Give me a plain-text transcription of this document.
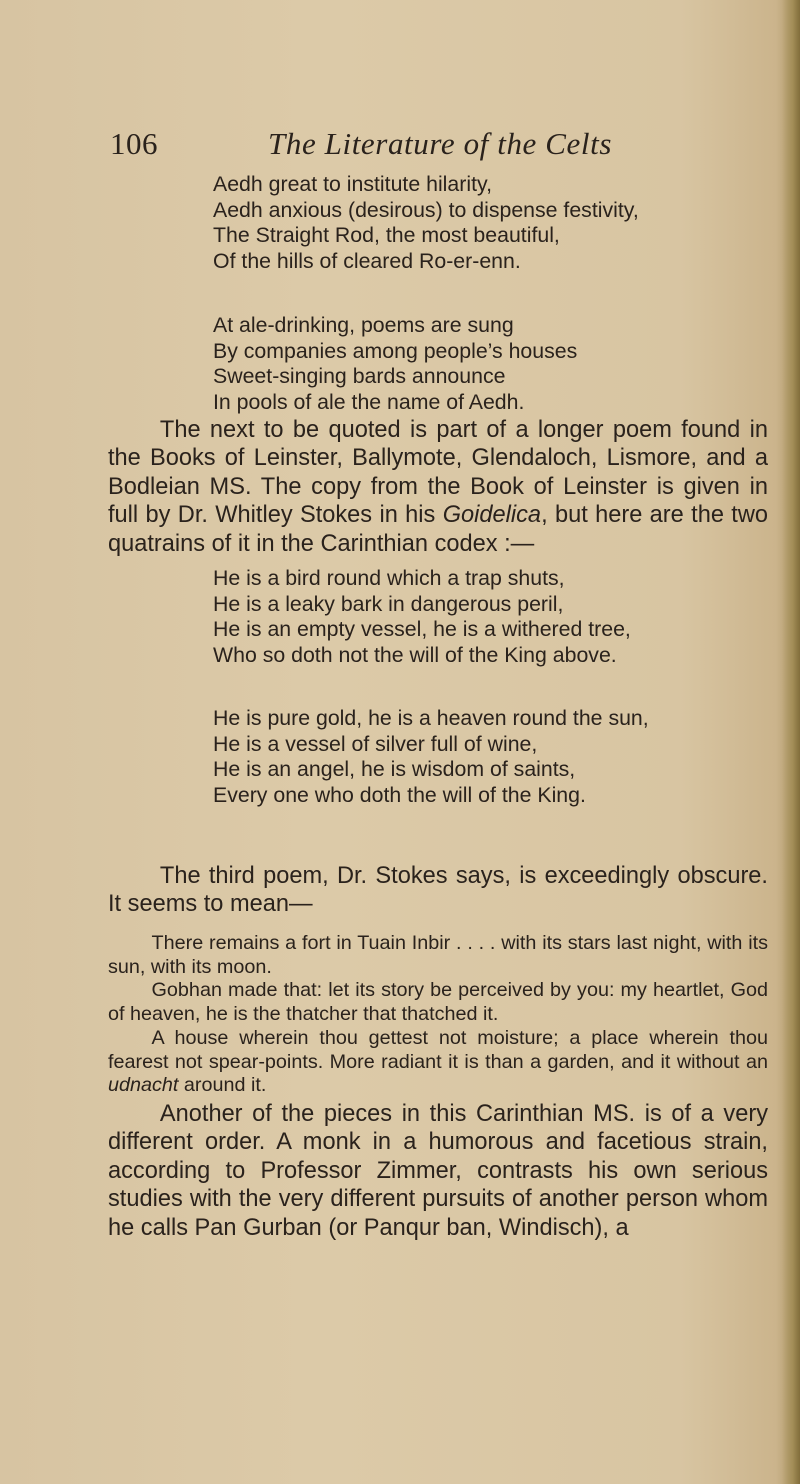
106	The Literature of the Celts
Aedh great to institute hilarity,
Aedh anxious (desirous) to dispense festivity,
The Straight Rod, the most beautiful,
Of the hills of cleared Ro-er-enn.
At ale-drinking, poems are sung
By companies among people’s houses
Sweet-singing bards announce
In pools of ale the name of Aedh.

The next to be quoted is part of a longer poem found in the Books of Leinster, Ballymote, Glendaloch, Lismore, and a Bodleian MS. The copy from the Book of Leinster is given in full by Dr. Whitley Stokes in his Goidelica, but here are the two quatrains of it in the Carinthian codex :—

He is a bird round which a trap shuts,
He is a leaky bark in dangerous peril,
He is an empty vessel, he is a withered tree,
Who so doth not the will of the King above.
He is pure gold, he is a heaven round the sun,
He is a vessel of silver full of wine,
He is an angel, he is wisdom of saints,
Every one who doth the will of the King.

The third poem, Dr. Stokes says, is exceedingly obscure. It seems to mean—

There remains a fort in Tuain Inbir . . . . with its stars last night, with its sun, with its moon.

Gobhan made that: let its story be perceived by you: my heartlet, God of heaven, he is the thatcher that thatched it.

A house wherein thou gettest not moisture; a place wherein thou fearest not spear-points. More radiant it is than a garden, and it without an udnacht around it.

Another of the pieces in this Carinthian MS. is of a very different order. A monk in a humorous and facetious strain, according to Professor Zimmer, contrasts his own serious studies with the very different pursuits of another person whom he calls Pan Gurban (or Panqur ban, Windisch), a
